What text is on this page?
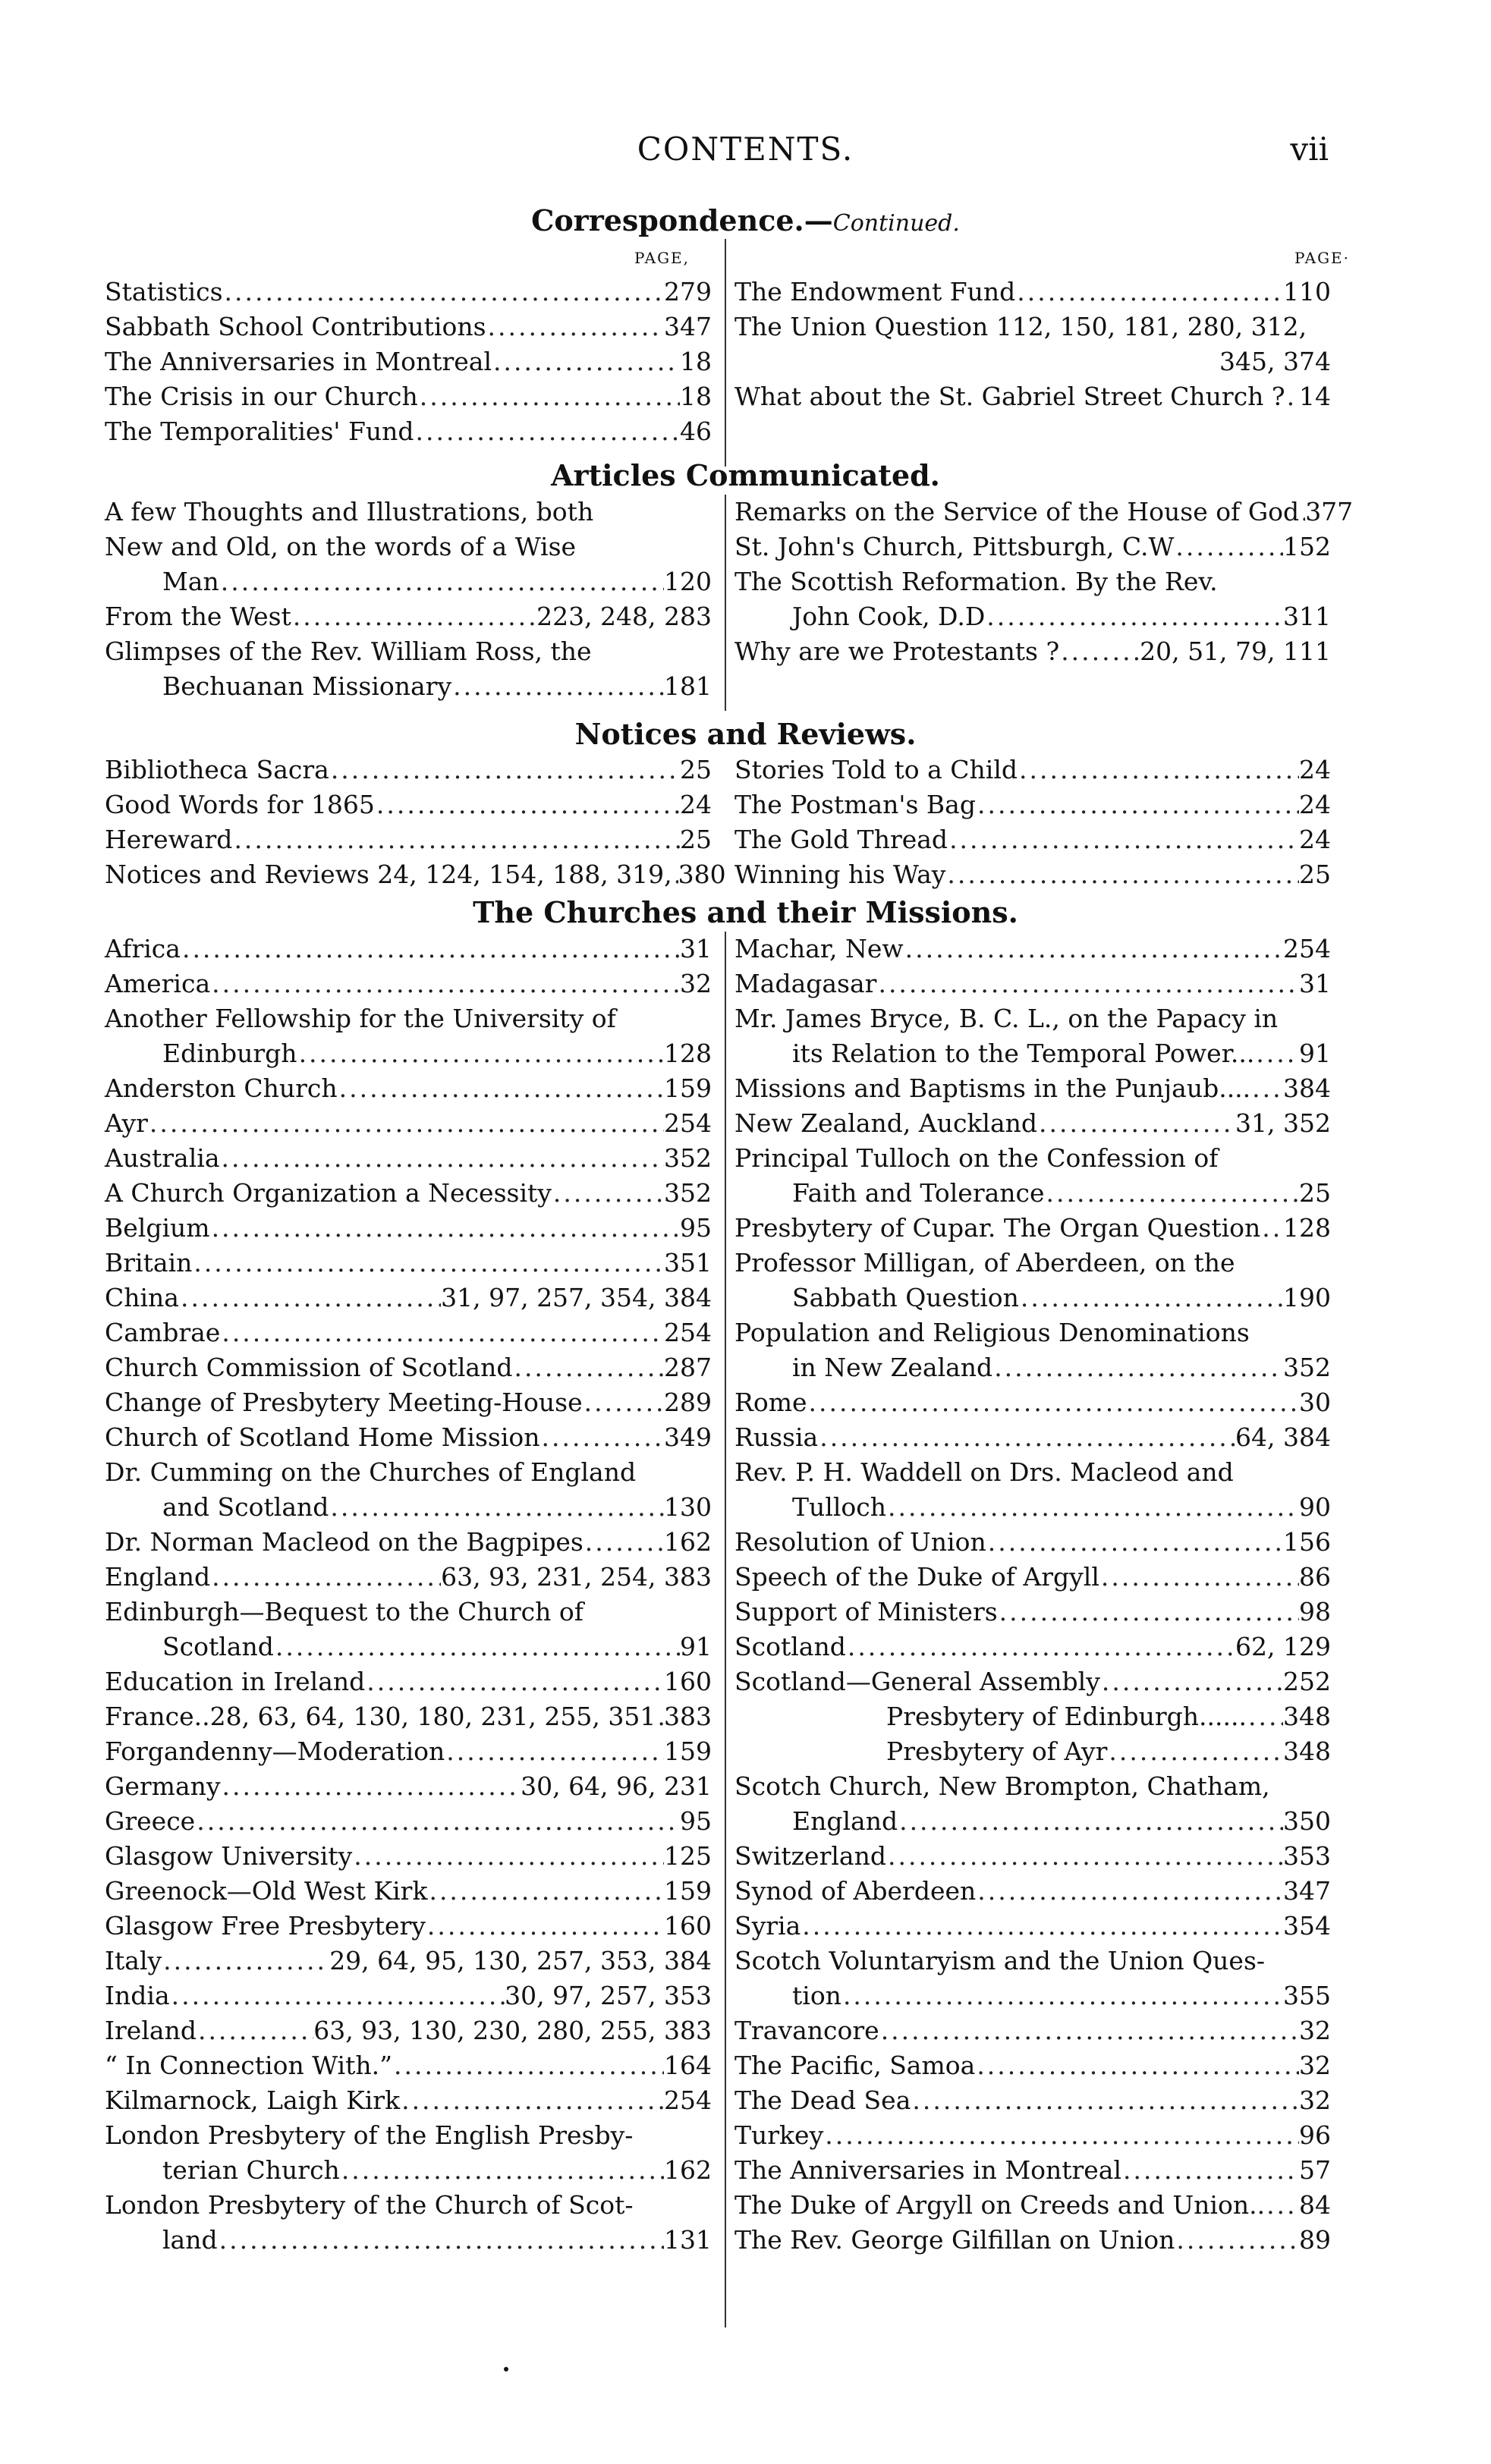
CONTENTS.	vii
Correspondence.—Continued.
PAGE,	PAGE·
Statistics .....	279
Sabbath School Contributions .....	347
The Anniversaries in Montreal .....	18
The Crisis in our Church .....	18
The Temporalities' Fund .....	46
The Endowment Fund .....	110
The Union Question 112, 150, 181, 280, 312,
345, 374
What about the St. Gabriel Street Church ? ..... 14
Articles Communicated.
A few Thoughts and Illustrations, both
New and Old, on the words of a Wise
Man .....	120
From the West .....	223, 248, 283
Glimpses of the Rev. William Ross, the
Bechuanan Missionary .....	181
Remarks on the Service of the House of God ..... 377
St. John's Church, Pittsburgh, C.W .....	152
The Scottish Reformation. By the Rev.
John Cook, D.D .....	311
Why are we Protestants ? .....	20, 51, 79, 111
Notices and Reviews.
Bibliotheca Sacra .....	25
Good Words for 1865 .....	24
Hereward .....	25
Notices and Reviews 24, 124, 154, 188, 319, ..... 380
Stories Told to a Child .....	24
The Postman's Bag .....	24
The Gold Thread .....	24
Winning his Way .....	25
The Churches and their Missions.
Africa .....	31
America .....	32
Another Fellowship for the University of
Edinburgh .....	128
Anderston Church .....	159
Ayr .....	254
Australia .....	352
A Church Organization a Necessity .....	352
Belgium .....	95
Britain .....	351
China .....	31, 97, 257, 354, 384
Cambrae .....	254
Church Commission of Scotland .....	287
Change of Presbytery Meeting-House .....	289
Church of Scotland Home Mission .....	349
Dr. Cumming on the Churches of England
and Scotland .....	130
Dr. Norman Macleod on the Bagpipes .....	162
England .....	63, 93, 231, 254, 383
Edinburgh—Bequest to the Church of
Scotland .....	91
Education in Ireland .....	160
France..28, 63, 64, 130, 180, 231, 255, 351 ..... 383
Forgandenny—Moderation .....	159
Germany .....	30, 64, 96, 231
Greece .....	95
Glasgow University .....	125
Greenock—Old West Kirk .....	159
Glasgow Free Presbytery .....	160
Italy .....	29, 64, 95, 130, 257, 353, 384
India .....	30, 97, 257, 353
Ireland .....	63, 93, 130, 230, 280, 255, 383
“ In Connection With.” .....	164
Kilmarnock, Laigh Kirk .....	254
London Presbytery of the English Presby-
terian Church .....	162
London Presbytery of the Church of Scot-
land .....	131
Machar, New .....	254
Madagasar .....	31
Mr. James Bryce, B. C. L., on the Papacy in
its Relation to the Temporal Power... ..... 91
Missions and Baptisms in the Punjaub.... ..... 384
New Zealand, Auckland .....	31, 352
Principal Tulloch on the Confession of
Faith and Tolerance .....	25
Presbytery of Cupar. The Organ Question ..... 128
Professor Milligan, of Aberdeen, on the
Sabbath Question .....	190
Population and Religious Denominations
in New Zealand .....	352
Rome .....	30
Russia .....	64, 384
Rev. P. H. Waddell on Drs. Macleod and
Tulloch .....	90
Resolution of Union .....	156
Speech of the Duke of Argyll .....	86
Support of Ministers .....	98
Scotland .....	62, 129
Scotland—General Assembly .....	252
Presbytery of Edinburgh...... ..... 348
Presbytery of Ayr .....	348
Scotch Church, New Brompton, Chatham,
England .....	350
Switzerland .....	353
Synod of Aberdeen .....	347
Syria .....	354
Scotch Voluntaryism and the Union Ques-
tion .....	355
Travancore .....	32
The Pacific, Samoa .....	32
The Dead Sea .....	32
Turkey .....	96
The Anniversaries in Montreal .....	57
The Duke of Argyll on Creeds and Union.. ..... 84
The Rev. George Gilfillan on Union .....	89
